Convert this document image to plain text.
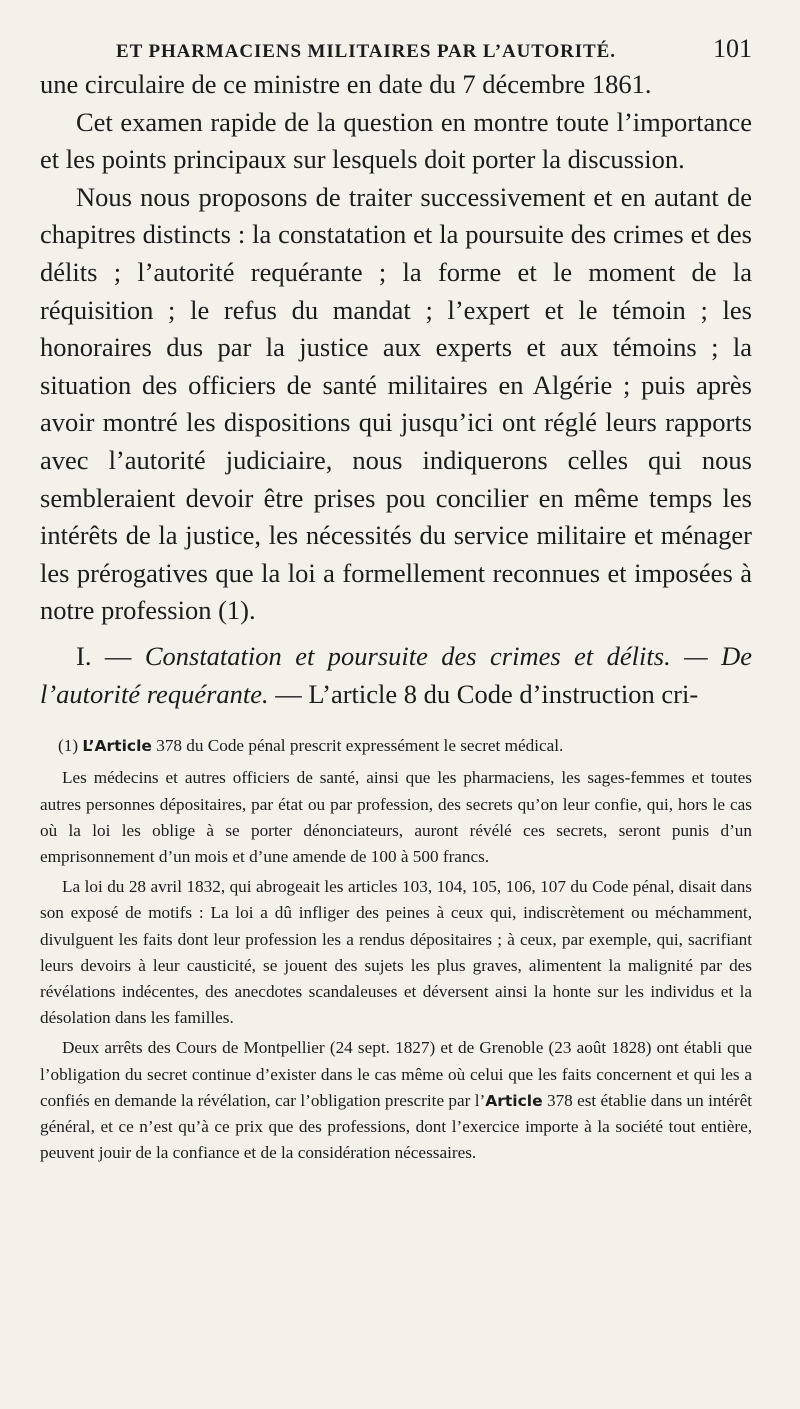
ET PHARMACIENS MILITAIRES PAR L’AUTORITÉ.	101

une circulaire de ce ministre en date du 7 décembre 1861.

Cet examen rapide de la question en montre toute l’importance et les points principaux sur lesquels doit porter la discussion.

Nous nous proposons de traiter successivement et en autant de chapitres distincts : la constatation et la poursuite des crimes et des délits ; l’autorité requérante ; la forme et le moment de la réquisition ; le refus du mandat ; l’expert et le témoin ; les honoraires dus par la justice aux experts et aux témoins ; la situation des officiers de santé militaires en Algérie ; puis après avoir montré les dispositions qui jusqu’ici ont réglé leurs rapports avec l’autorité judiciaire, nous indiquerons celles qui nous sembleraient devoir être prises pou concilier en même temps les intérêts de la justice, les nécessités du service militaire et ménager les prérogatives que la loi a formellement reconnues et imposées à notre profession (1).

I. — Constatation et poursuite des crimes et délits. — De l’autorité requérante. — L’article 8 du Code d’instruction cri-

(1) L’Article 378 du Code pénal prescrit expressément le secret médical.

Les médecins et autres officiers de santé, ainsi que les pharmaciens, les sages-femmes et toutes autres personnes dépositaires, par état ou par profession, des secrets qu’on leur confie, qui, hors le cas où la loi les oblige à se porter dénonciateurs, auront révélé ces secrets, seront punis d’un emprisonnement d’un mois et d’une amende de 100 à 500 francs.

La loi du 28 avril 1832, qui abrogeait les articles 103, 104, 105, 106, 107 du Code pénal, disait dans son exposé de motifs : La loi a dû infliger des peines à ceux qui, indiscrètement ou méchamment, divulguent les faits dont leur profession les a rendus dépositaires ; à ceux, par exemple, qui, sacrifiant leurs devoirs à leur causticité, se jouent des sujets les plus graves, alimentent la malignité par des révélations indécentes, des anecdotes scandaleuses et déversent ainsi la honte sur les individus et la désolation dans les familles.

Deux arrêts des Cours de Montpellier (24 sept. 1827) et de Grenoble (23 août 1828) ont établi que l’obligation du secret continue d’exister dans le cas même où celui que les faits concernent et qui les a confiés en demande la révélation, car l’obligation prescrite par l’Article 378 est établie dans un intérêt général, et ce n’est qu’à ce prix que des professions, dont l’exercice importe à la société tout entière, peuvent jouir de la confiance et de la considération nécessaires.
